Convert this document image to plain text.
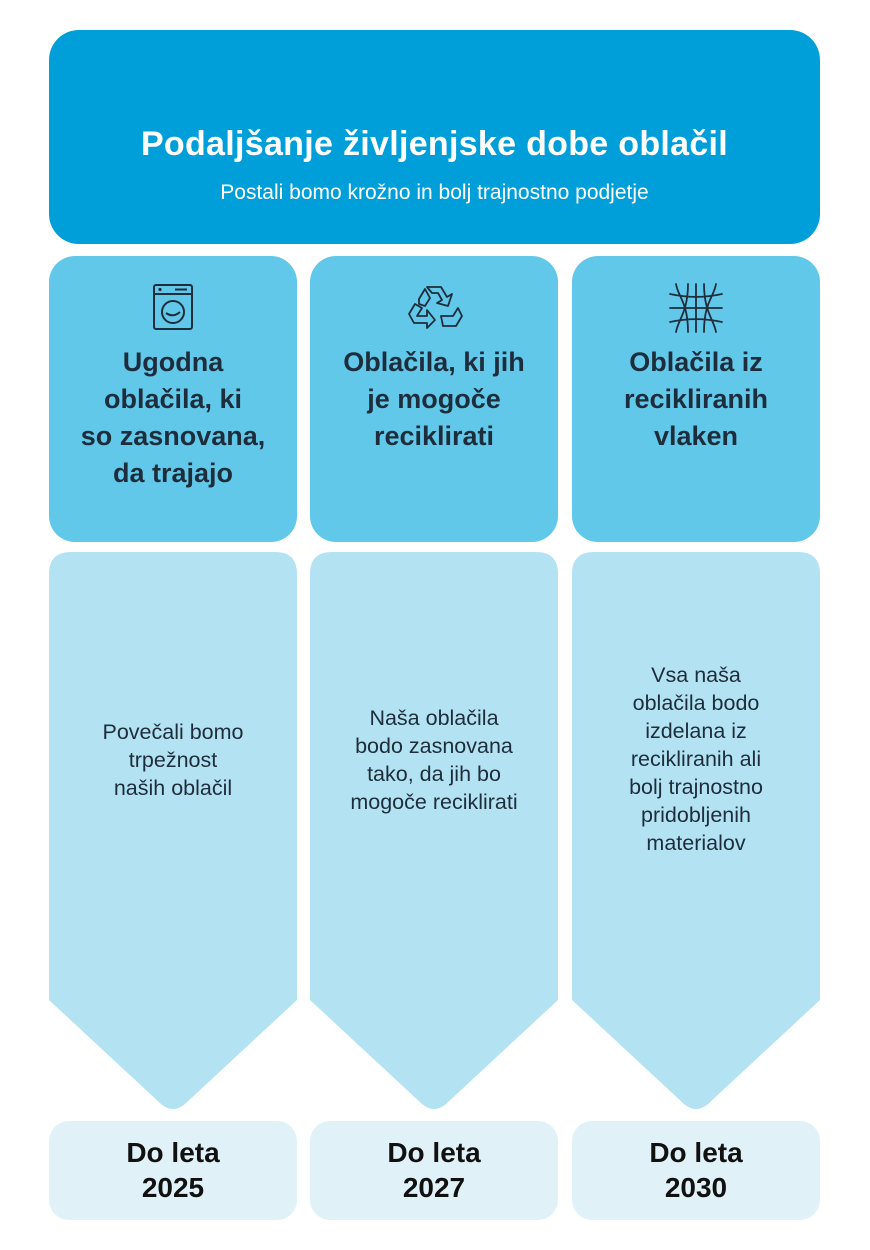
Podaljšanje življenjske dobe oblačil
Postali bomo krožno in bolj trajnostno podjetje
Ugodna
oblačila, ki
so zasnovana,
da trajajo
Oblačila, ki jih
je mogoče
reciklirati
Oblačila iz
recikliranih
vlaken
Povečali bomo
trpežnost
naših oblačil
Naša oblačila
bodo zasnovana
tako, da jih bo
mogoče reciklirati
Vsa naša
oblačila bodo
izdelana iz
recikliranih ali
bolj trajnostno
pridobljenih
materialov
Do leta
2025
Do leta
2027
Do leta
2030
